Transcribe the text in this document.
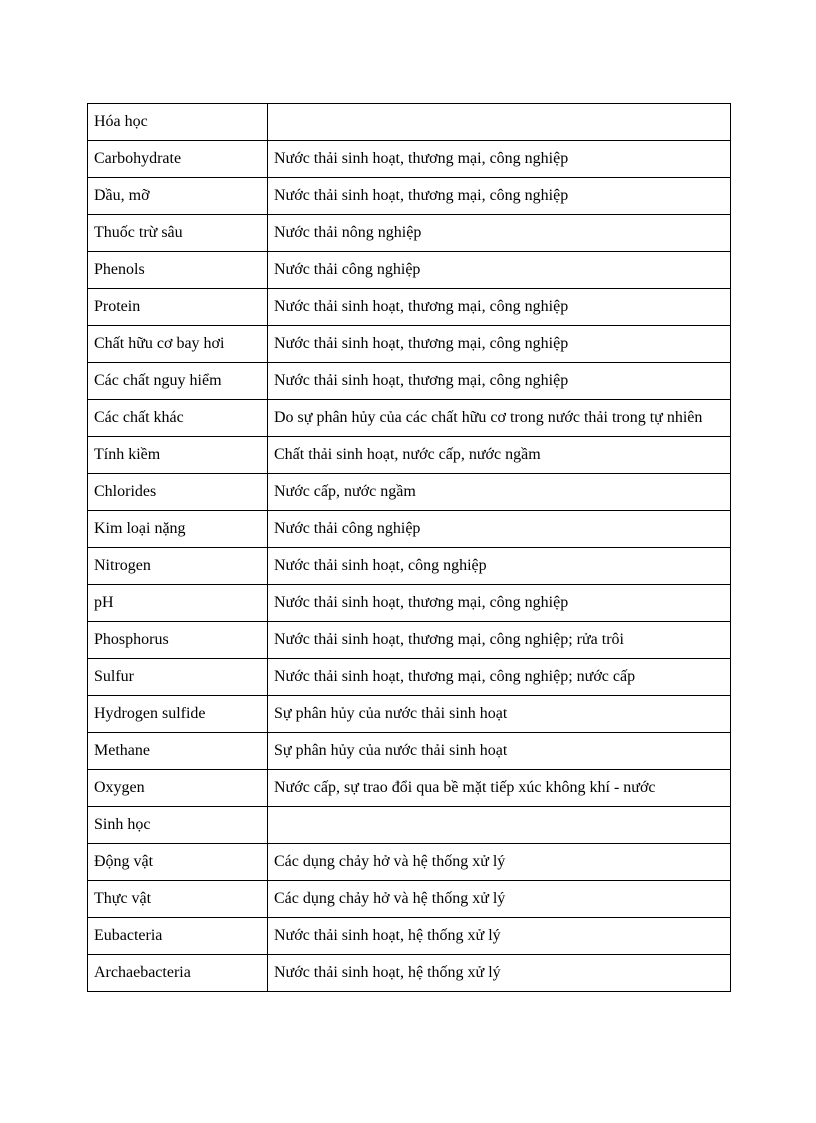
Hóa học	
Carbohydrate	Nước thải sinh hoạt, thương mại, công nghiệp
Dầu, mỡ	Nước thải sinh hoạt, thương mại, công nghiệp
Thuốc trừ sâu	Nước thải nông nghiệp
Phenols	Nước thải công nghiệp
Protein	Nước thải sinh hoạt, thương mại, công nghiệp
Chất hữu cơ bay hơi	Nước thải sinh hoạt, thương mại, công nghiệp
Các chất nguy hiểm	Nước thải sinh hoạt, thương mại, công nghiệp
Các chất khác	Do sự phân hủy của các chất hữu cơ trong nước thải trong tự nhiên
Tính kiềm	Chất thải sinh hoạt, nước cấp, nước ngầm
Chlorides	Nước cấp, nước ngầm
Kim loại nặng	Nước thải công nghiệp
Nitrogen	Nước thải sinh hoạt, công nghiệp
pH	Nước thải sinh hoạt, thương mại, công nghiệp
Phosphorus	Nước thải sinh hoạt, thương mại, công nghiệp; rửa trôi
Sulfur	Nước thải sinh hoạt, thương mại, công nghiệp; nước cấp
Hydrogen sulfide	Sự phân hủy của nước thải sinh hoạt
Methane	Sự phân hủy của nước thải sinh hoạt
Oxygen	Nước cấp, sự trao đổi qua bề mặt tiếp xúc không khí - nước
Sinh học	
Động vật	Các dụng chảy hở và hệ thống xử lý
Thực vật	Các dụng chảy hở và hệ thống xử lý
Eubacteria	Nước thải sinh hoạt, hệ thống xử lý
Archaebacteria	Nước thải sinh hoạt, hệ thống xử lý
